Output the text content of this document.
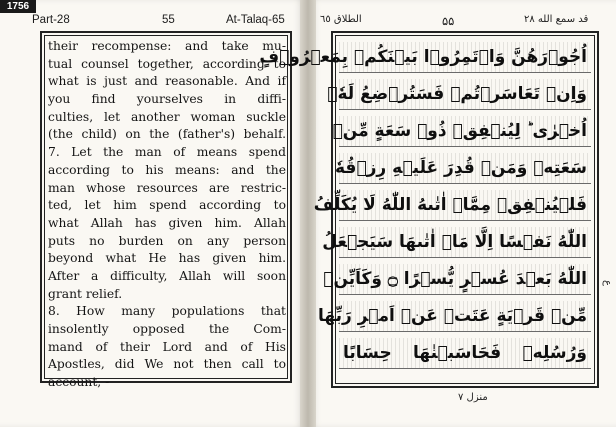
1756
Part-28	55	At-Talaq-65	الطلاق ٦٥	۵۵	قد سمع الله ۲۸
their recompense: and take mu-
tual counsel together, according to
what is just and reasonable. And if
you find yourselves in diffi-
culties, let another woman suckle
(the child) on the (father's) behalf.
7. Let the man of means spend
according to his means: and the
man whose resources are restric-
ted, let him spend according to
what Allah has given him. Allah
puts no burden on any person
beyond what He has given him.
After a difficulty, Allah will soon
grant relief.
8. How many populations that
insolently opposed the Com-
mand of their Lord and of His
Apostles, did We not then call to
account, -
اُجُوۡرَهُنَّ وَاۡتَمِرُوۡا بَيۡنَكُمۡ بِمَعۡرُوۡفٍ
وَاِنۡ تَعَاسَرۡتُمۡ فَسَتُرۡضِعُ لَهٗۤ
اُخۡرٰى ؕ لِيُنۡفِقۡ ذُوۡ سَعَةٍ مِّنۡ
سَعَتِهٖ وَمَنۡ قُدِرَ عَلَيۡهِ رِزۡقُهٗ
فَلۡيُنۡفِقۡ مِمَّاۤ اٰتٰٮهُ اللّٰهُ لَا يُكَلِّفُ
اللّٰهُ نَفۡسًا اِلَّا مَاۤ اٰتٰٮهَا سَيَجۡعَلُ
اللّٰهُ بَعۡدَ عُسۡرٍ يُّسۡرًا ۝ وَكَاَيِّنۡ
مِّنۡ قَرۡيَةٍ عَتَتۡ عَنۡ اَمۡرِ رَبِّهَا
وَرُسُلِهٖ فَحَاسَبۡنٰهَا حِسَابًا
ع
منزل ٧
